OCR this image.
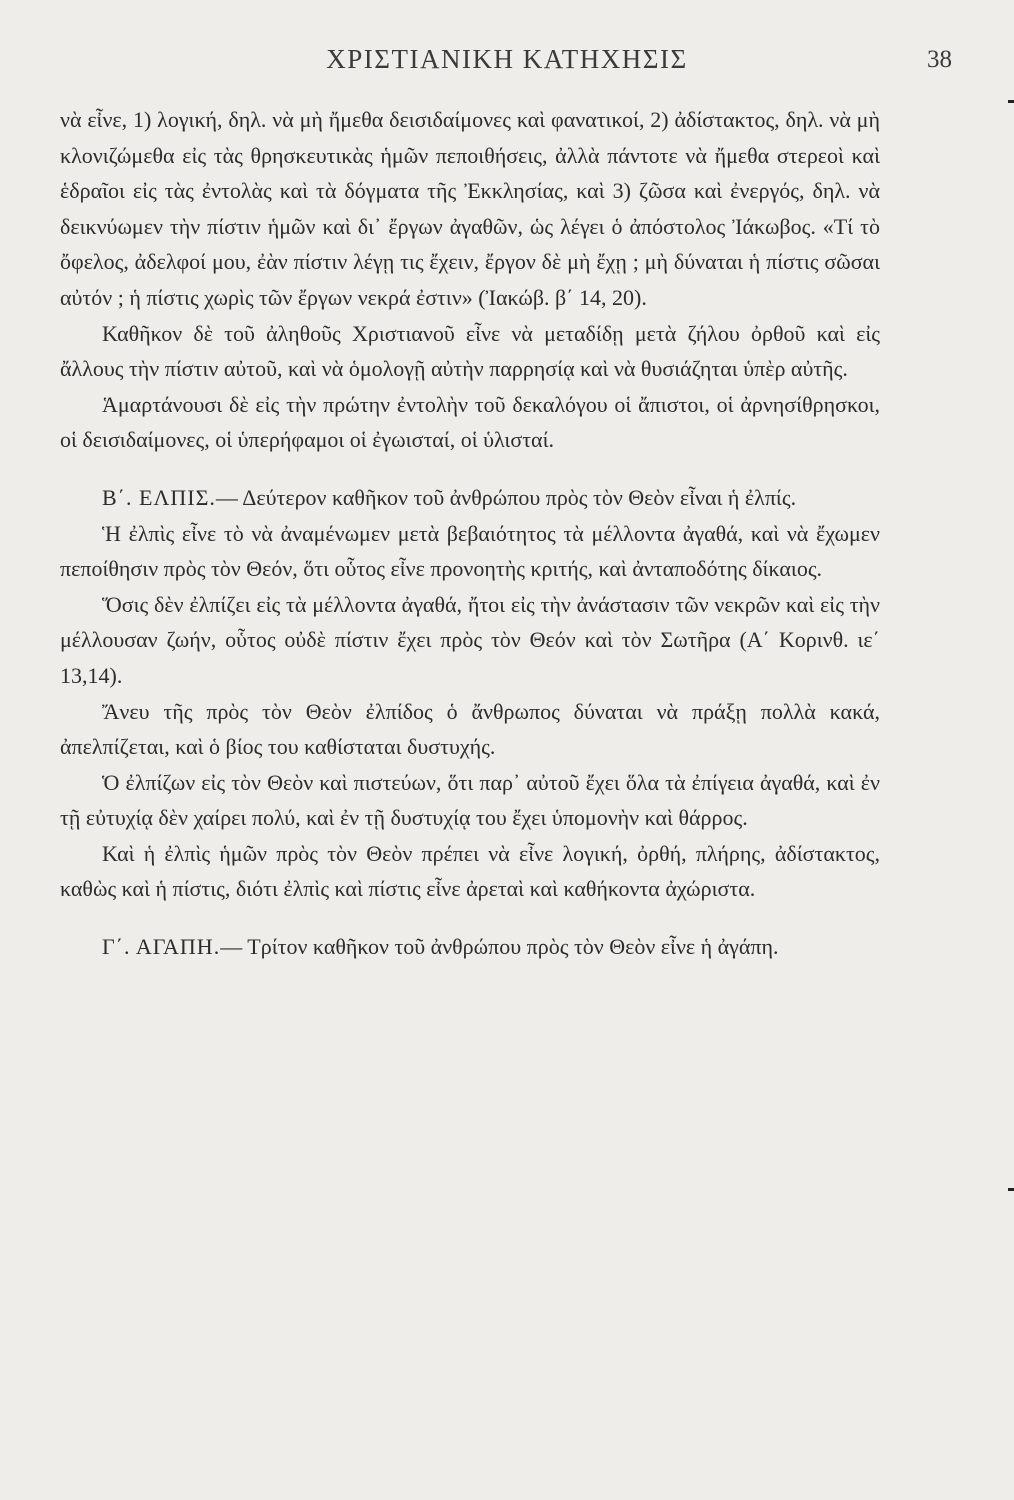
ΧΡΙΣΤΙΑΝΙΚΗ ΚΑΤΗΧΗΣΙΣ	38

νὰ εἶνε, 1) λογική, δηλ. νὰ μὴ ἤμεθα δεισιδαίμονες καὶ φανατικοί, 2) ἀδίστακτος, δηλ. νὰ μὴ κλονιζώμεθα εἰς τὰς θρησκευτικὰς ἡμῶν πεποιθήσεις, ἀλλὰ πάντοτε νὰ ἤμεθα στερεοὶ καὶ ἑδραῖοι εἰς τὰς ἐντολὰς καὶ τὰ δόγματα τῆς Ἐκκλησίας, καὶ 3) ζῶσα καὶ ἐνεργός, δηλ. νὰ δεικνύωμεν τὴν πίστιν ἡμῶν καὶ δι᾽ ἔργων ἀγαθῶν, ὡς λέγει ὁ ἀπόστολος Ἰάκωβος. «Τί τὸ ὄφελος, ἀδελφοί μου, ἐὰν πίστιν λέγῃ τις ἔχειν, ἔργον δὲ μὴ ἔχῃ ; μὴ δύναται ἡ πίστις σῶσαι αὐτόν ; ἡ πίστις χωρὶς τῶν ἔργων νεκρά ἐστιν» (Ἰακώβ. β΄ 14, 20).

Καθῆκον δὲ τοῦ ἀληθοῦς Χριστιανοῦ εἶνε νὰ μεταδίδῃ μετὰ ζήλου ὀρθοῦ καὶ εἰς ἄλλους τὴν πίστιν αὐτοῦ, καὶ νὰ ὁμολογῇ αὐτὴν παρρησίᾳ καὶ νὰ θυσιάζηται ὑπὲρ αὐτῆς.

Ἁμαρτάνουσι δὲ εἰς τὴν πρώτην ἐντολὴν τοῦ δεκαλόγου οἱ ἄπιστοι, οἱ ἀρνησίθρησκοι, οἱ δεισιδαίμονες, οἱ ὑπερήφαμοι οἱ ἐγωισταί, οἱ ὑλισταί.

Β΄. ΕΛΠΙΣ.— Δεύτερον καθῆκον τοῦ ἀνθρώπου πρὸς τὸν Θεὸν εἶναι ἡ ἐλπίς.

Ἡ ἐλπὶς εἶνε τὸ νὰ ἀναμένωμεν μετὰ βεβαιότητος τὰ μέλλοντα ἀγαθά, καὶ νὰ ἔχωμεν πεποίθησιν πρὸς τὸν Θεόν, ὅτι οὗτος εἶνε προνοητὴς κριτής, καὶ ἀνταποδότης δίκαιος.

Ὅσις δὲν ἐλπίζει εἰς τὰ μέλλοντα ἀγαθά, ἤτοι εἰς τὴν ἀνάστασιν τῶν νεκρῶν καὶ εἰς τὴν μέλλουσαν ζωήν, οὗτος οὐδὲ πίστιν ἔχει πρὸς τὸν Θεόν καὶ τὸν Σωτῆρα (Α΄ Κορινθ. ιε΄ 13,14).

Ἄνευ τῆς πρὸς τὸν Θεὸν ἐλπίδος ὁ ἄνθρωπος δύναται νὰ πράξῃ πολλὰ κακά, ἀπελπίζεται, καὶ ὁ βίος του καθίσταται δυστυχής.

Ὁ ἐλπίζων εἰς τὸν Θεὸν καὶ πιστεύων, ὅτι παρ᾽ αὐτοῦ ἔχει ὅλα τὰ ἐπίγεια ἀγαθά, καὶ ἐν τῇ εὐτυχίᾳ δὲν χαίρει πολύ, καὶ ἐν τῇ δυστυχίᾳ του ἔχει ὑπομονὴν καὶ θάρρος.

Καὶ ἡ ἐλπὶς ἡμῶν πρὸς τὸν Θεὸν πρέπει νὰ εἶνε λογική, ὀρθή, πλήρης, ἀδίστακτος, καθὼς καὶ ἡ πίστις, διότι ἐλπὶς καὶ πίστις εἶνε ἀρεταὶ καὶ καθήκοντα ἀχώριστα.

Γ΄. ΑΓΑΠΗ.— Τρίτον καθῆκον τοῦ ἀνθρώπου πρὸς τὸν Θεὸν εἶνε ἡ ἀγάπη.
